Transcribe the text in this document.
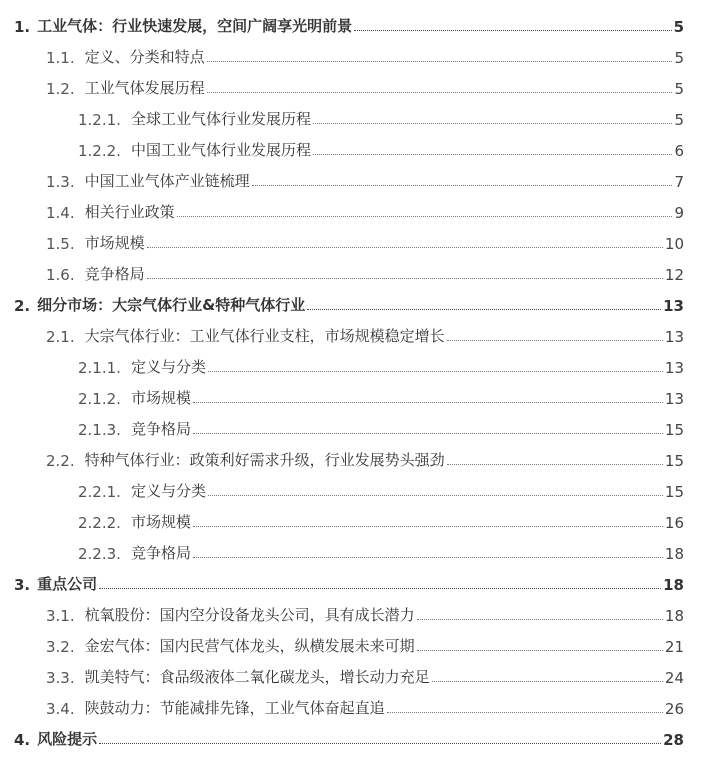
1. 工业气体：行业快速发展，空间广阔享光明前景	5
1.1. 定义、分类和特点	5
1.2. 工业气体发展历程	5
1.2.1. 全球工业气体行业发展历程	5
1.2.2. 中国工业气体行业发展历程	6
1.3. 中国工业气体产业链梳理	7
1.4. 相关行业政策	9
1.5. 市场规模	10
1.6. 竞争格局	12
2. 细分市场：大宗气体行业&特种气体行业	13
2.1. 大宗气体行业：工业气体行业支柱，市场规模稳定增长	13
2.1.1. 定义与分类	13
2.1.2. 市场规模	13
2.1.3. 竞争格局	15
2.2. 特种气体行业：政策利好需求升级，行业发展势头强劲	15
2.2.1. 定义与分类	15
2.2.2. 市场规模	16
2.2.3. 竞争格局	18
3. 重点公司	18
3.1. 杭氧股份：国内空分设备龙头公司，具有成长潜力	18
3.2. 金宏气体：国内民营气体龙头，纵横发展未来可期	21
3.3. 凯美特气：食品级液体二氧化碳龙头，增长动力充足	24
3.4. 陕鼓动力：节能减排先锋，工业气体奋起直追	26
4. 风险提示	28
